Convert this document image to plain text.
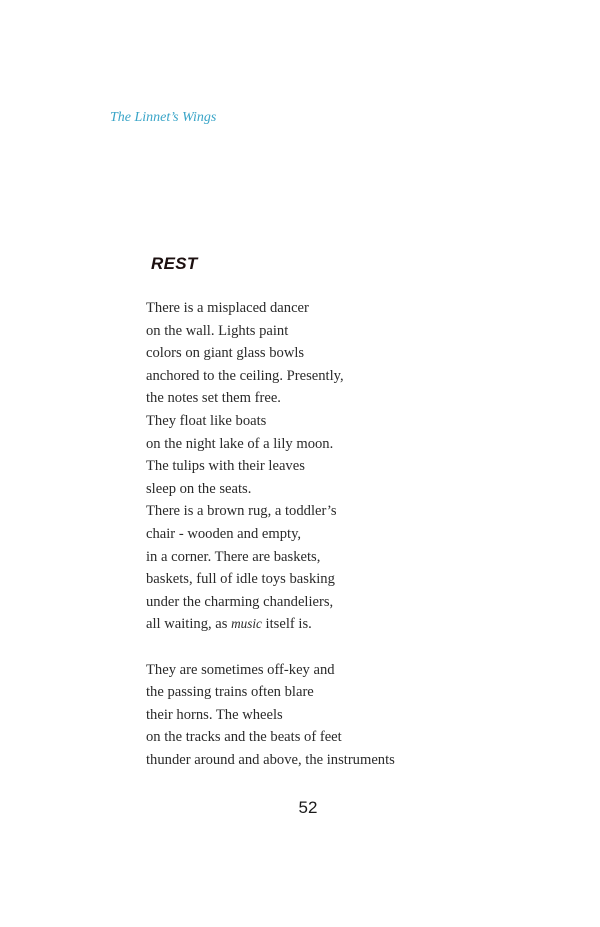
The Linnet’s Wings
REST
There is a misplaced dancer
on the wall. Lights paint
colors on giant glass bowls
anchored to the ceiling. Presently,
the notes set them free.
They float like boats
on the night lake of a lily moon.
The tulips with their leaves
sleep on the seats.
There is a brown rug, a toddler’s
chair - wooden and empty,
in a corner. There are baskets,
baskets, full of idle toys basking
under the charming chandeliers,
all waiting, as music itself is.
They are sometimes off-key and
the passing trains often blare
their horns. The wheels
on the tracks and the beats of feet
thunder around and above, the instruments
52
